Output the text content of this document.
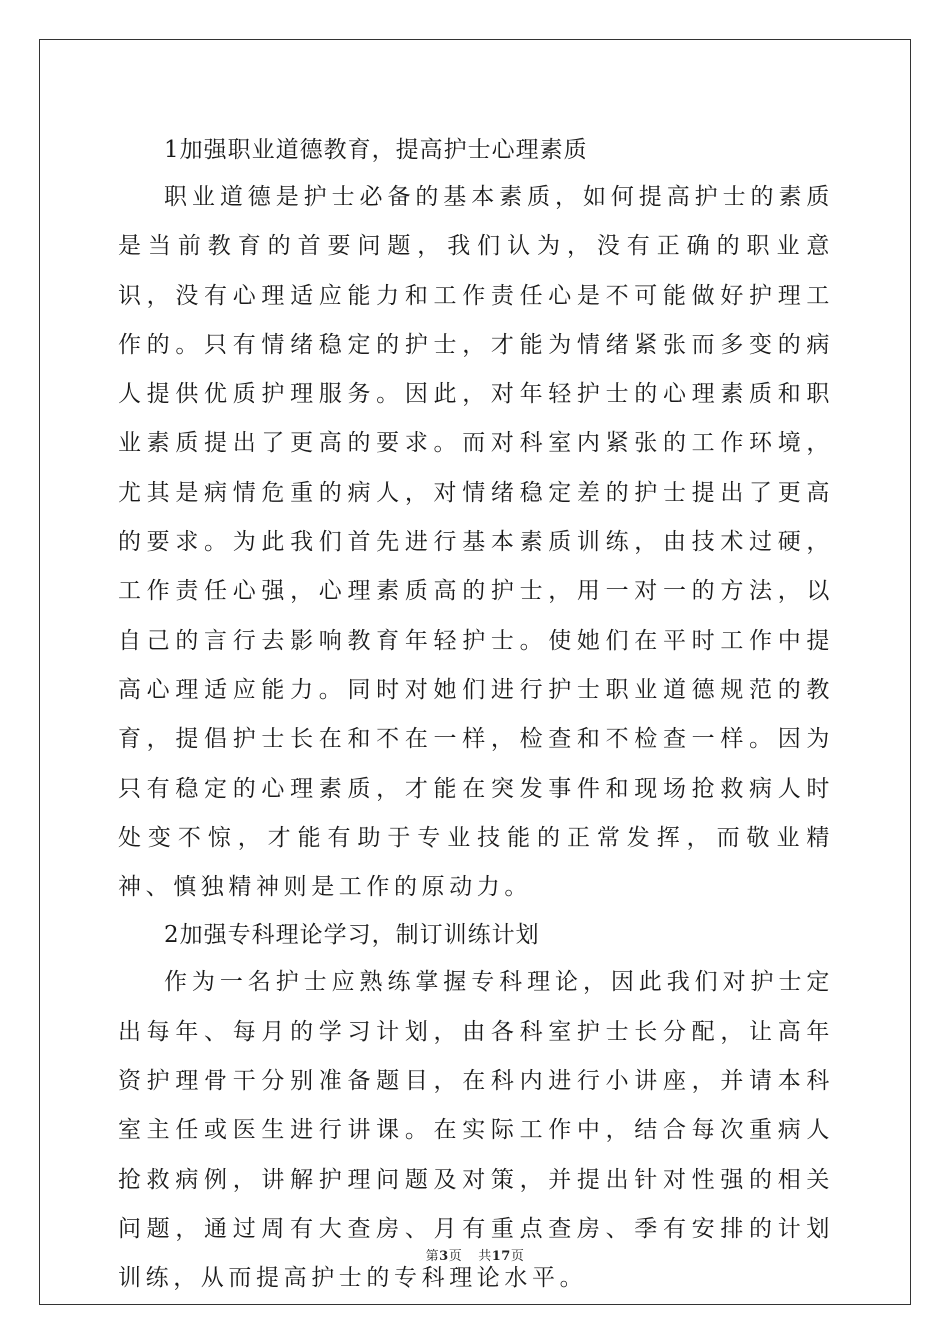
1加强职业道德教育，提高护士心理素质

职业道德是护士必备的基本素质，如何提高护士的素质是当前教育的首要问题，我们认为，没有正确的职业意识，没有心理适应能力和工作责任心是不可能做好护理工作的。只有情绪稳定的护士，才能为情绪紧张而多变的病人提供优质护理服务。因此，对年轻护士的心理素质和职业素质提出了更高的要求。而对科室内紧张的工作环境，尤其是病情危重的病人，对情绪稳定差的护士提出了更高的要求。为此我们首先进行基本素质训练，由技术过硬，工作责任心强，心理素质高的护士，用一对一的方法，以自己的言行去影响教育年轻护士。使她们在平时工作中提高心理适应能力。同时对她们进行护士职业道德规范的教育，提倡护士长在和不在一样，检查和不检查一样。因为只有稳定的心理素质，才能在突发事件和现场抢救病人时处变不惊，才能有助于专业技能的正常发挥，而敬业精神、慎独精神则是工作的原动力。

2加强专科理论学习，制订训练计划

作为一名护士应熟练掌握专科理论，因此我们对护士定出每年、每月的学习计划，由各科室护士长分配，让高年资护理骨干分别准备题目，在科内进行小讲座，并请本科室主任或医生进行讲课。在实际工作中，结合每次重病人抢救病例，讲解护理问题及对策，并提出针对性强的相关问题，通过周有大查房、月有重点查房、季有安排的计划训练，从而提高护士的专科理论水平。

第3页 共17页
